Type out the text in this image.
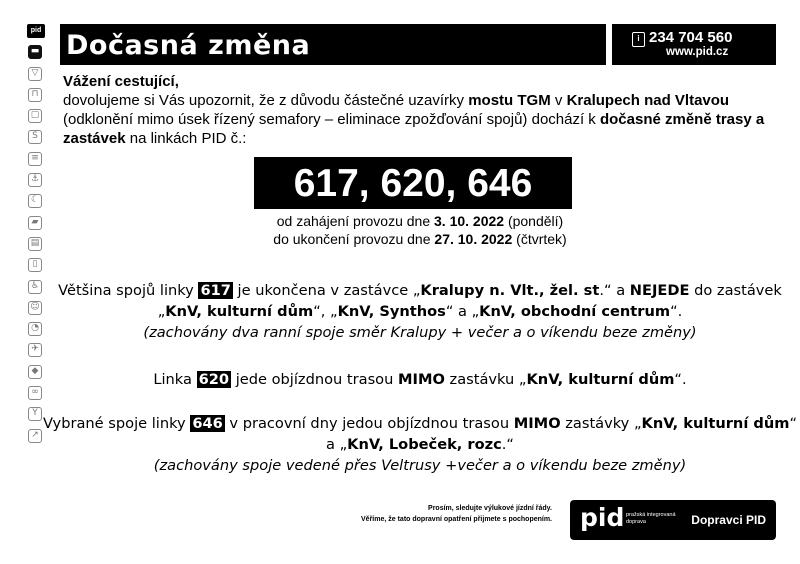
pid
▬
▽
⊓
▢
S
≡
⚓
☾
▰
▤
▯
♿
☺
◔
✈
◆
∞
Y
↗
Dočasná změna	i 234 704 560
www.pid.cz
Vážení cestující,
dovolujeme si Vás upozornit, že z důvodu částečné uzavírky mostu TGM v Kralupech nad Vltavou (odklonění mimo úsek řízený semafory – eliminace zpožďování spojů) dochází k dočasné změně trasy a zastávek na linkách PID č.:
617, 620, 646
od zahájení provozu dne 3. 10. 2022 (pondělí)
do ukončení provozu dne 27. 10. 2022 (čtvrtek)
Většina spojů linky 617 je ukončena v zastávce „Kralupy n. Vlt., žel. st.“ a NEJEDE do zastávek „KnV, kulturní dům“, „KnV, Synthos“ a „KnV, obchodní centrum“.
(zachovány dva ranní spoje směr Kralupy + večer a o víkendu beze změny)
Linka 620 jede objízdnou trasou MIMO zastávku „KnV, kulturní dům“.
Vybrané spoje linky 646 v pracovní dny jedou objízdnou trasou MIMO zastávky „KnV, kulturní dům“ a „KnV, Lobeček, rozc.“
(zachovány spoje vedené přes Veltrusy +večer a o víkendu beze změny)
Prosím, sledujte výlukové jízdní řády.
Věříme, že tato dopravní opatření přijmete s pochopením. pid pražská integrovaná doprava	Dopravci PID
